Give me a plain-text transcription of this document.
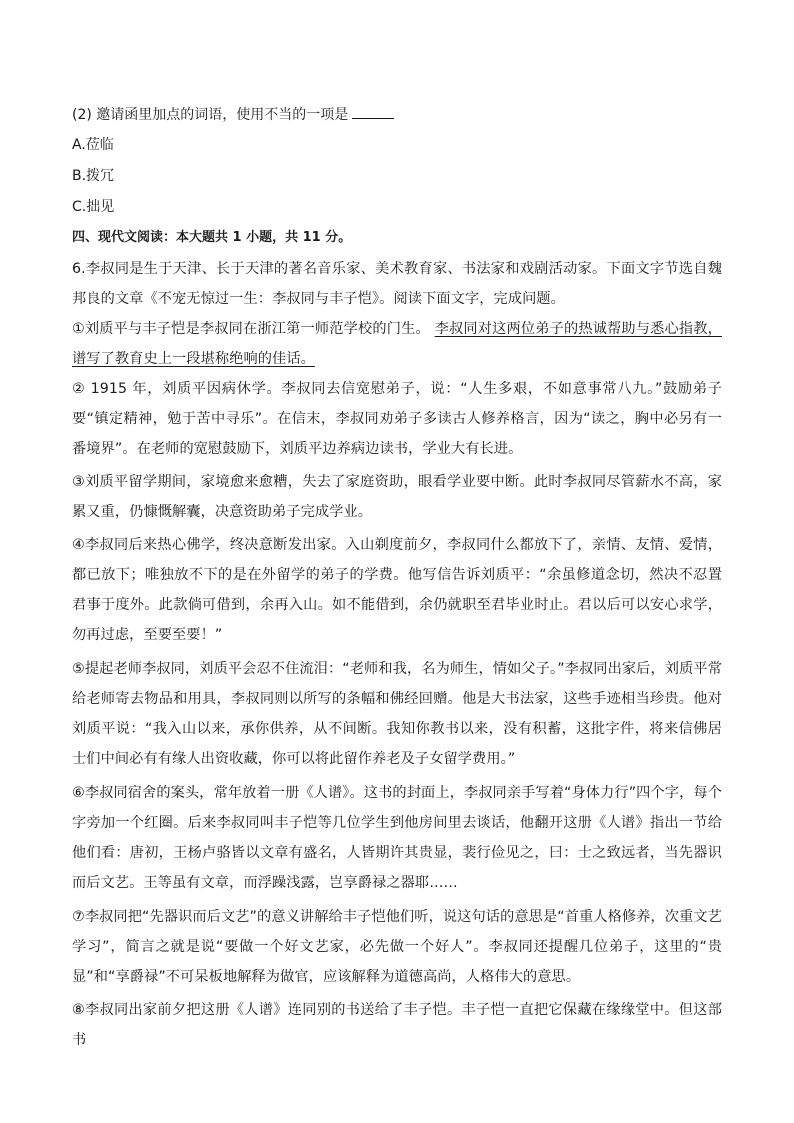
(2) 邀请函里加点的词语，使用不当的一项是
A.莅临
B.拨冗
C.拙见
四、现代文阅读：本大题共 1 小题，共 11 分。
6.李叔同是生于天津、长于天津的著名音乐家、美术教育家、书法家和戏剧活动家。下面文字节选自魏邦良的文章《不宠无惊过一生：李叔同与丰子恺》。阅读下面文字，完成问题。
①刘质平与丰子恺是李叔同在浙江第一师范学校的门生。 李叔同对这两位弟子的热诚帮助与悉心指教，谱写了教育史上一段堪称绝响的佳话。
② 1915 年，刘质平因病休学。李叔同去信宽慰弟子，说：“人生多艰，不如意事常八九。”鼓励弟子要“镇定精神，勉于苦中寻乐”。在信末，李叔同劝弟子多读古人修养格言，因为“读之，胸中必另有一番境界”。在老师的宽慰鼓励下，刘质平边养病边读书，学业大有长进。
③刘质平留学期间，家境愈来愈糟，失去了家庭资助，眼看学业要中断。此时李叔同尽管薪水不高，家累又重，仍慷慨解囊，决意资助弟子完成学业。
④李叔同后来热心佛学，终决意断发出家。入山剃度前夕，李叔同什么都放下了，亲情、友情、爱情，都已放下；唯独放不下的是在外留学的弟子的学费。他写信告诉刘质平：“余虽修道念切，然决不忍置君事于度外。此款倘可借到，余再入山。如不能借到，余仍就职至君毕业时止。君以后可以安心求学，勿再过虑，至要至要！”
⑤提起老师李叔同，刘质平会忍不住流泪：“老师和我，名为师生，情如父子。”李叔同出家后，刘质平常给老师寄去物品和用具，李叔同则以所写的条幅和佛经回赠。他是大书法家，这些手迹相当珍贵。他对刘质平说：“我入山以来，承你供养，从不间断。我知你教书以来，没有积蓄，这批字件，将来信佛居士们中间必有有缘人出资收藏，你可以将此留作养老及子女留学费用。”
⑥李叔同宿舍的案头，常年放着一册《人谱》。这书的封面上，李叔同亲手写着“身体力行”四个字，每个字旁加一个红圈。后来李叔同叫丰子恺等几位学生到他房间里去谈话，他翻开这册《人谱》指出一节给他们看：唐初，王杨卢骆皆以文章有盛名，人皆期许其贵显，裴行俭见之，曰：士之致远者，当先器识而后文艺。王等虽有文章，而浮躁浅露，岂享爵禄之器耶……
⑦李叔同把“先器识而后文艺”的意义讲解给丰子恺他们听，说这句话的意思是“首重人格修养，次重文艺学习”，简言之就是说“要做一个好文艺家，必先做一个好人”。李叔同还提醒几位弟子，这里的“贵显”和“享爵禄”不可呆板地解释为做官，应该解释为道德高尚，人格伟大的意思。
⑧李叔同出家前夕把这册《人谱》连同别的书送给了丰子恺。丰子恺一直把它保藏在缘缘堂中。但这部书
